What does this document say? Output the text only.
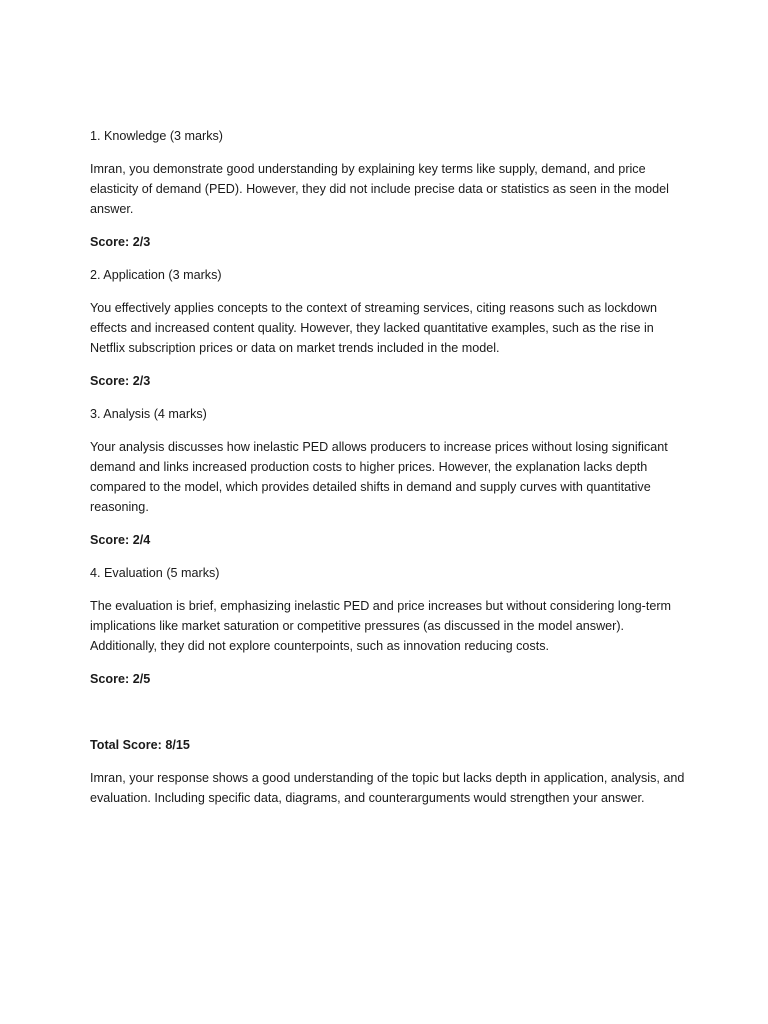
1. Knowledge (3 marks)
Imran, you demonstrate good understanding by explaining key terms like supply, demand, and price elasticity of demand (PED). However, they did not include precise data or statistics as seen in the model answer.
Score: 2/3
2. Application (3 marks)
You effectively applies concepts to the context of streaming services, citing reasons such as lockdown effects and increased content quality. However, they lacked quantitative examples, such as the rise in Netflix subscription prices or data on market trends included in the model.
Score: 2/3
3. Analysis (4 marks)
Your analysis discusses how inelastic PED allows producers to increase prices without losing significant demand and links increased production costs to higher prices. However, the explanation lacks depth compared to the model, which provides detailed shifts in demand and supply curves with quantitative reasoning.
Score: 2/4
4. Evaluation (5 marks)
The evaluation is brief, emphasizing inelastic PED and price increases but without considering long-term implications like market saturation or competitive pressures (as discussed in the model answer). Additionally, they did not explore counterpoints, such as innovation reducing costs.
Score: 2/5
Total Score: 8/15
Imran, your response shows a good understanding of the topic but lacks depth in application, analysis, and evaluation. Including specific data, diagrams, and counterarguments would strengthen your answer.
